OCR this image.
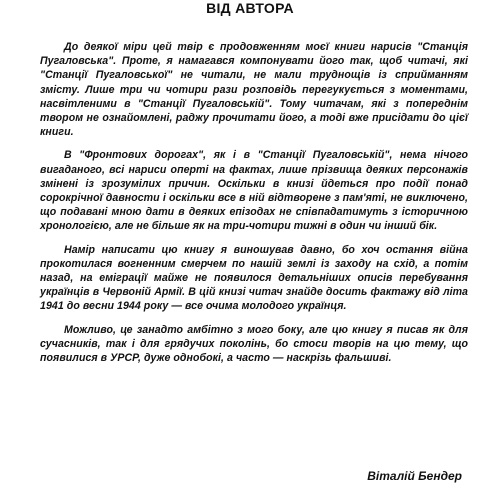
ВІД АВТОРА

До деякої міри цей твір є продовженням моєї книги нарисів "Станція Пугаловська". Проте, я намагався компонувати його так, щоб читачі, які "Станції Пугаловської" не читали, не мали труднощів із сприйманням змісту. Лише три чи чотири рази розповідь перегукується з моментами, насвітленими в "Станції Пугаловській". Тому читачам, які з попереднім твором не ознайомлені, раджу прочитати його, а тоді вже присідати до цієї книги.

В "Фронтових дорогах", як і в "Станції Пугаловській", нема нічого вигаданого, всі нариси оперті на фактах, лише прізвища деяких персонажів змінені із зрозумілих причин. Оскільки в книзі йдеться про події понад сорокрічної давности і оскільки все в ній відтворене з пам'яті, не виключено, що подавані мною дати в деяких епізодах не співпадатимуть з історичною хронологією, але не більше як на три-чотири тижні в один чи інший бік.

Намір написати цю книгу я виношував давно, бо хоч остання війна прокотилася вогненним смерчем по нашій землі із заходу на схід, а потім назад, на еміграції майже не появилося детальніших описів перебування українців в Червоній Армії. В цій книзі читач знайде досить фактажу від літа 1941 до весни 1944 року — все очима молодого українця.

Можливо, це занадто амбітно з мого боку, але цю книгу я писав як для сучасників, так і для грядучих поколінь, бо стоси творів на цю тему, що появилися в УРСР, дуже однобокі, а часто — наскрізь фальшиві.

Віталій Бендер
